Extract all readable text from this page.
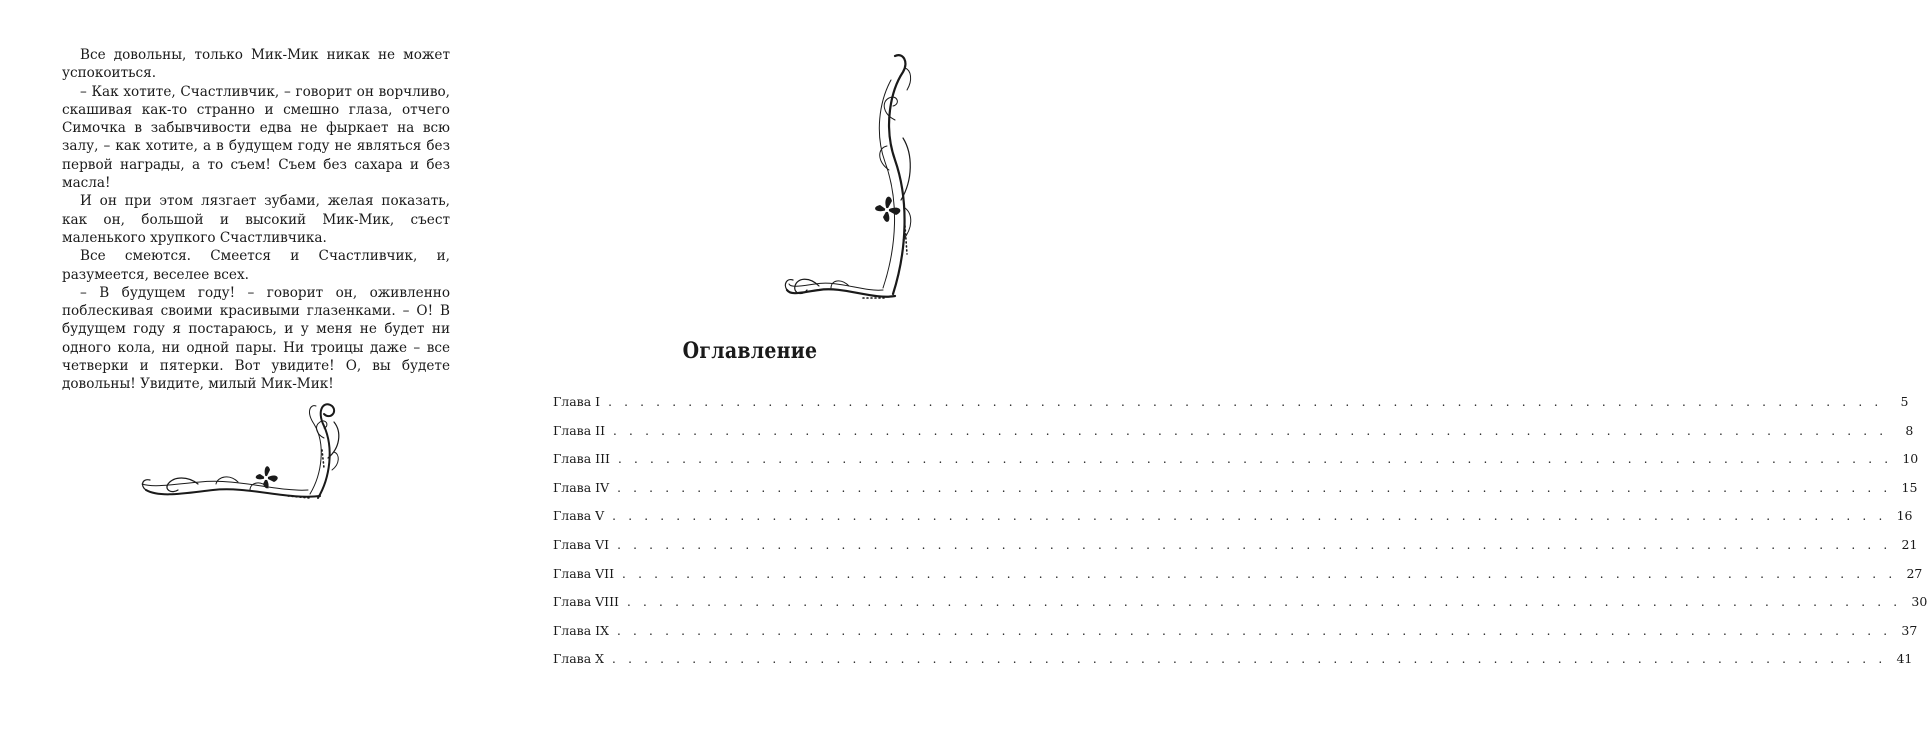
Все довольны, только Мик-Мик никак не может успокоиться.

– Как хотите, Счастливчик, – говорит он ворчливо, скашивая как-то странно и смешно глаза, отчего Симочка в забывчивости едва не фыркает на всю залу, – как хотите, а в будущем году не являться без первой награды, а то съем! Съем без сахара и без масла!

И он при этом лязгает зубами, желая показать, как он, большой и высокий Мик-Мик, съест маленького хрупкого Счастливчика.

Все смеются. Смеется и Счастливчик, и, разумеется, веселее всех.

– В будущем году! – говорит он, оживленно поблескивая своими красивыми глазенками. – О! В будущем году я постараюсь, и у меня не будет ни одного кола, ни одной пары. Ни троицы даже – все четверки и пятерки. Вот увидите! О, вы будете довольны! Увидите, милый Мик-Мик!

Оглавление
Глава I . . . . . . . . . . . . . . . . . . . . . . . . . . . . . . . . . . . . . . . . . . . . . . . . . . . . . . . . . . . . . . . . . . . . . . . . . . . . . . . .	5
Глава II . . . . . . . . . . . . . . . . . . . . . . . . . . . . . . . . . . . . . . . . . . . . . . . . . . . . . . . . . . . . . . . . . . . . . . . . . . . . . . . .	8
Глава III . . . . . . . . . . . . . . . . . . . . . . . . . . . . . . . . . . . . . . . . . . . . . . . . . . . . . . . . . . . . . . . . . . . . . . . . . . . . . . . . 10
Глава IV . . . . . . . . . . . . . . . . . . . . . . . . . . . . . . . . . . . . . . . . . . . . . . . . . . . . . . . . . . . . . . . . . . . . . . . . . . . . . . . . 15
Глава V . . . . . . . . . . . . . . . . . . . . . . . . . . . . . . . . . . . . . . . . . . . . . . . . . . . . . . . . . . . . . . . . . . . . . . . . . . . . . . . . 16
Глава VI . . . . . . . . . . . . . . . . . . . . . . . . . . . . . . . . . . . . . . . . . . . . . . . . . . . . . . . . . . . . . . . . . . . . . . . . . . . . . . . . 21
Глава VII . . . . . . . . . . . . . . . . . . . . . . . . . . . . . . . . . . . . . . . . . . . . . . . . . . . . . . . . . . . . . . . . . . . . . . . . . . . . . . . . 27
Глава VIII . . . . . . . . . . . . . . . . . . . . . . . . . . . . . . . . . . . . . . . . . . . . . . . . . . . . . . . . . . . . . . . . . . . . . . . . . . . . . . . . 30
Глава IX . . . . . . . . . . . . . . . . . . . . . . . . . . . . . . . . . . . . . . . . . . . . . . . . . . . . . . . . . . . . . . . . . . . . . . . . . . . . . . . . 37
Глава X . . . . . . . . . . . . . . . . . . . . . . . . . . . . . . . . . . . . . . . . . . . . . . . . . . . . . . . . . . . . . . . . . . . . . . . . . . . . . . . . 41
